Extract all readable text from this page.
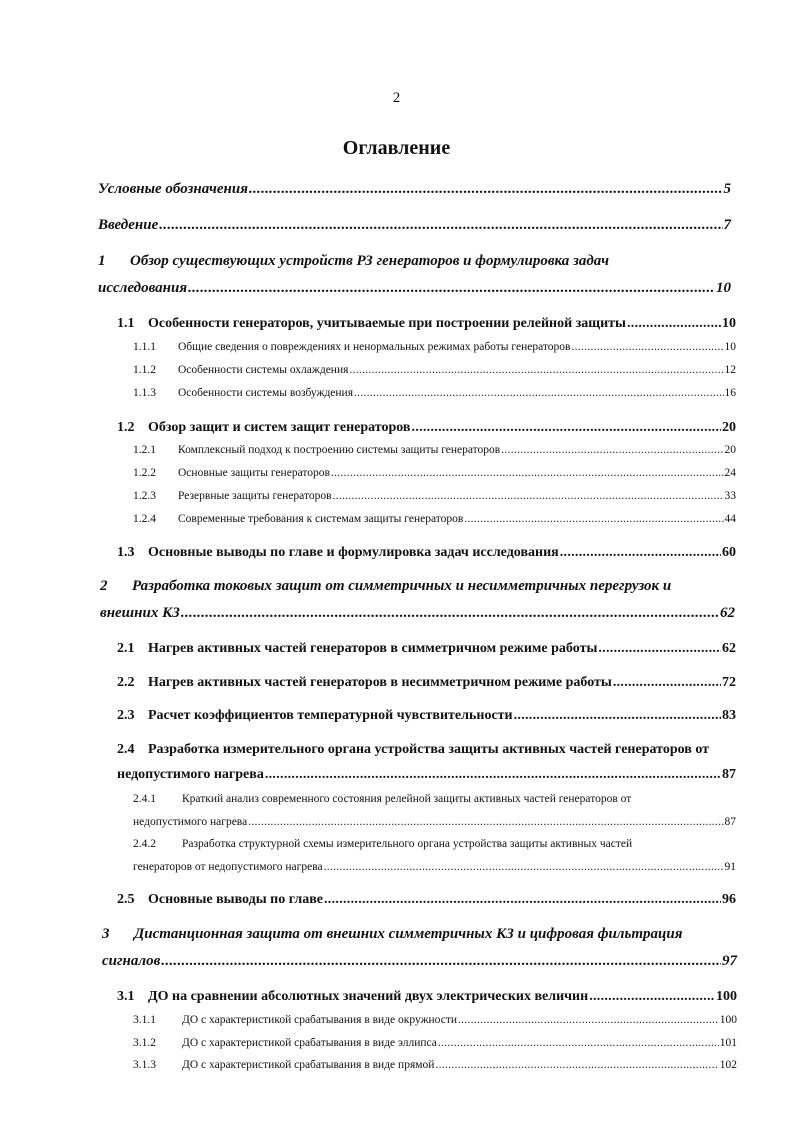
2
Оглавление
Условные обозначения .....	5
Введение .....	7
1 Обзор существующих устройств РЗ генераторов и формулировка задач
исследования .....	10
1.1 Особенности генераторов, учитываемые при построении релейной защиты .....	10
1.1.1	Общие сведения о повреждениях и ненормальных режимах работы генераторов .....	10
1.1.2	Особенности системы охлаждения .....	12
1.1.3	Особенности системы возбуждения .....	16
1.2 Обзор защит и систем защит генераторов .....	20
1.2.1	Комплексный подход к построению системы защиты генераторов .....	20
1.2.2	Основные защиты генераторов .....	24
1.2.3	Резервные защиты генераторов .....	33
1.2.4	Современные требования к системам защиты генераторов .....	44
1.3 Основные выводы по главе и формулировка задач исследования .....	60
2 Разработка токовых защит от симметричных и несимметричных перегрузок и
внешних КЗ .....	62
2.1 Нагрев активных частей генераторов в симметричном режиме работы .....	62
2.2 Нагрев активных частей генераторов в несимметричном режиме работы .....	72
2.3 Расчет коэффициентов температурной чувствительности .....	83
2.4 Разработка измерительного органа устройства защиты активных частей генераторов от
недопустимого нагрева .....	87
2.4.1 Краткий анализ современного состояния релейной защиты активных частей генераторов от
недопустимого нагрева .....	87
2.4.2 Разработка структурной схемы измерительного органа устройства защиты активных частей
генераторов от недопустимого нагрева .....	91
2.5 Основные выводы по главе .....	96
3 Дистанционная защита от внешних симметричных КЗ и цифровая фильтрация
сигналов .....	97
3.1 ДО на сравнении абсолютных значений двух электрических величин .....	100
3.1.1	ДО с характеристикой срабатывания в виде окружности .....	100
3.1.2	ДО с характеристикой срабатывания в виде эллипса .....	101
3.1.3	ДО с характеристикой срабатывания в виде прямой .....	102
